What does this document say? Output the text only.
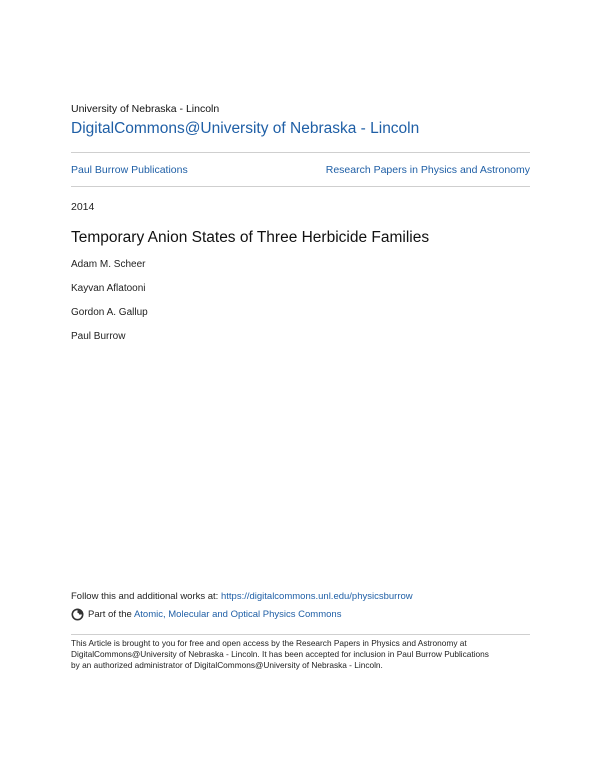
University of Nebraska - Lincoln
DigitalCommons@University of Nebraska - Lincoln
Paul Burrow Publications	Research Papers in Physics and Astronomy
2014
Temporary Anion States of Three Herbicide Families
Adam M. Scheer
Kayvan Aflatooni
Gordon A. Gallup
Paul Burrow
Follow this and additional works at: https://digitalcommons.unl.edu/physicsburrow
Part of the Atomic, Molecular and Optical Physics Commons
This Article is brought to you for free and open access by the Research Papers in Physics and Astronomy at
DigitalCommons@University of Nebraska - Lincoln. It has been accepted for inclusion in Paul Burrow Publications
by an authorized administrator of DigitalCommons@University of Nebraska - Lincoln.
